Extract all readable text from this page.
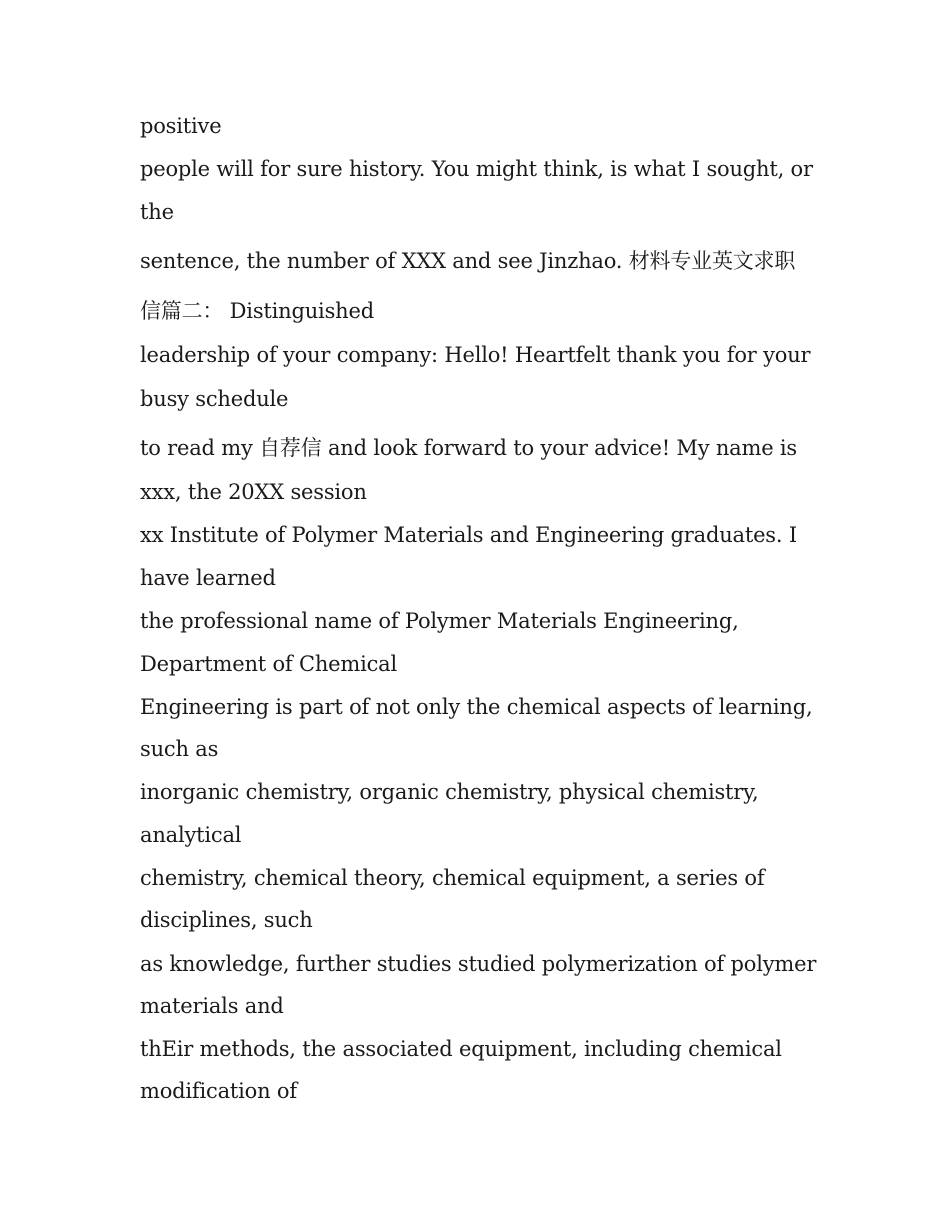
positive
people will for sure history. You might think, is what I sought, or
the
sentence, the number of XXX and see Jinzhao. 材料专业英文求职
信篇二： Distinguished
leadership of your company: Hello! Heartfelt thank you for your
busy schedule
to read my 自荐信 and look forward to your advice! My name is
xxx, the 20XX session
xx Institute of Polymer Materials and Engineering graduates. I
have learned
the professional name of Polymer Materials Engineering,
Department of Chemical
Engineering is part of not only the chemical aspects of learning,
such as
inorganic chemistry, organic chemistry, physical chemistry,
analytical
chemistry, chemical theory, chemical equipment, a series of
disciplines, such
as knowledge, further studies studied polymerization of polymer
materials and
thEir methods, the associated equipment, including chemical
modification of
